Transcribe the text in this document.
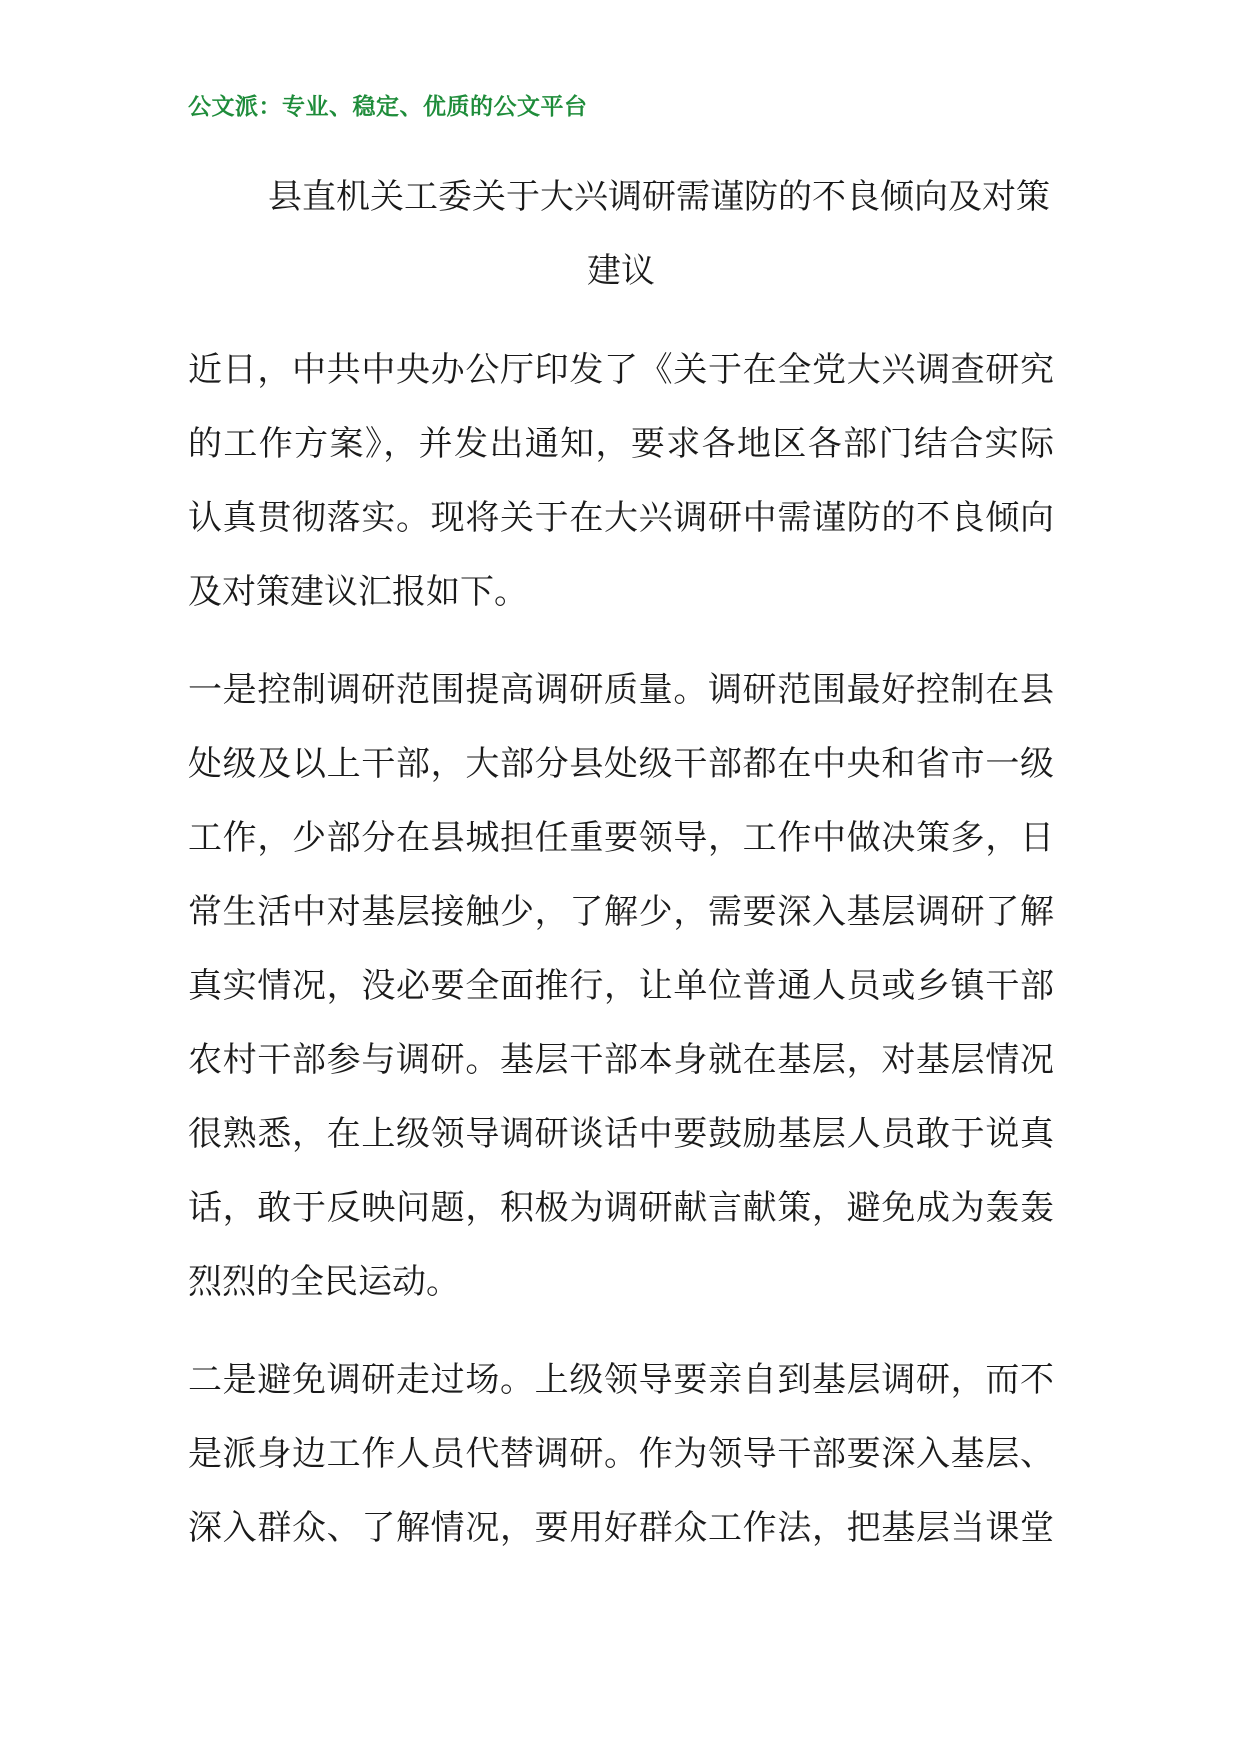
公文派：专业、稳定、优质的公文平台
县直机关工委关于大兴调研需谨防的不良倾向及对策
建议
近日，中共中央办公厅印发了《关于在全党大兴调查研究
的工作方案》，并发出通知，要求各地区各部门结合实际
认真贯彻落实。现将关于在大兴调研中需谨防的不良倾向
及对策建议汇报如下。
一是控制调研范围提高调研质量。调研范围最好控制在县
处级及以上干部，大部分县处级干部都在中央和省市一级
工作，少部分在县城担任重要领导，工作中做决策多，日
常生活中对基层接触少，了解少，需要深入基层调研了解
真实情况，没必要全面推行，让单位普通人员或乡镇干部
农村干部参与调研。基层干部本身就在基层，对基层情况
很熟悉，在上级领导调研谈话中要鼓励基层人员敢于说真
话，敢于反映问题，积极为调研献言献策，避免成为轰轰
烈烈的全民运动。
二是避免调研走过场。上级领导要亲自到基层调研，而不
是派身边工作人员代替调研。作为领导干部要深入基层、
深入群众、了解情况，要用好群众工作法，把基层当课堂
